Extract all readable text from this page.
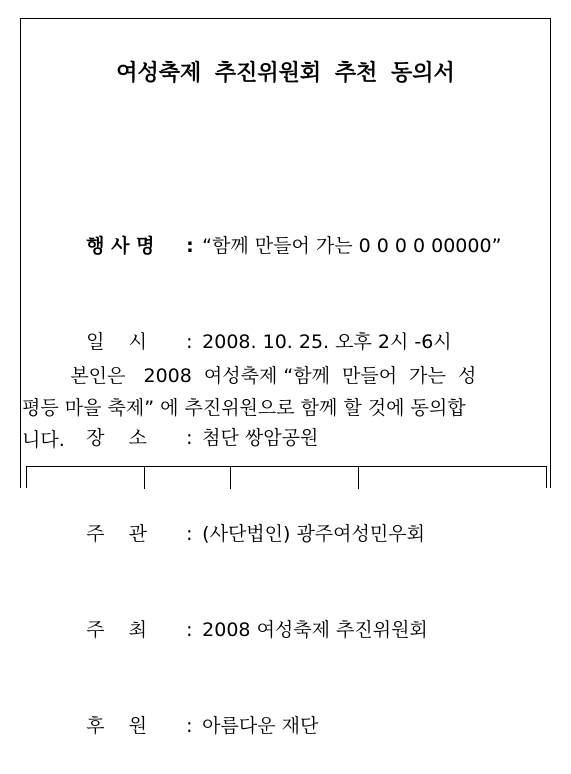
여성축제 추진위원회 추천 동의서

행 사 명 : “함께 만들어 가는 0 0 0 0 00000”

일    시 : 2008. 10. 25. 오후 2시 -6시

장    소 : 첨단 쌍암공원

주    관 : (사단법인) 광주여성민우회

주    최 : 2008 여성축제 추진위원회

후    원 : 아름다운 재단

본인은   2008  여성축제 “함께  만들어  가는  성
평등 마을 축제” 에 추진위원으로 함께 할 것에 동의합
니다.
